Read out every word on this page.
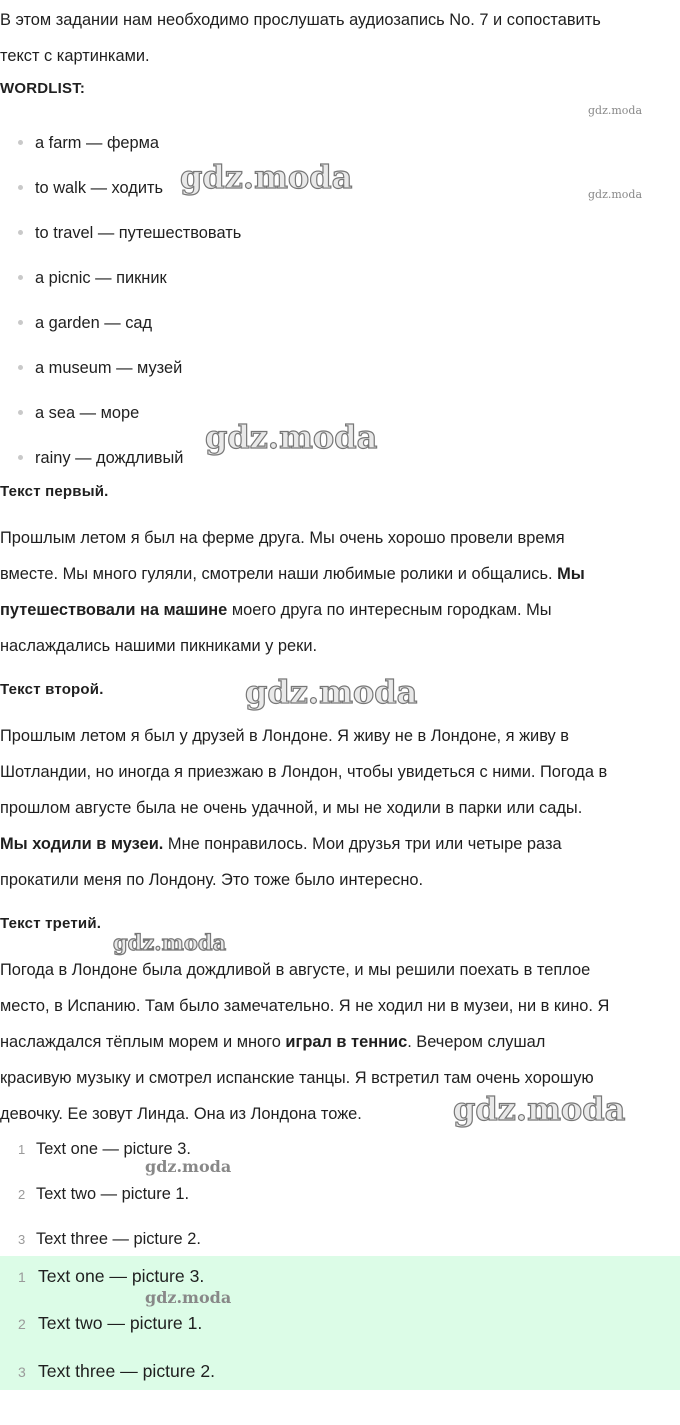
В этом задании нам необходимо прослушать аудиозапись No. 7 и сопоставить
текст с картинками.
WORDLIST:
a farm — ферма
to walk — ходить
to travel — путешествовать
a picnic — пикник
a garden — сад
a museum — музей
a sea — море
rainy — дождливый
Текст первый.
Прошлым летом я был на ферме друга. Мы очень хорошо провели время
вместе. Мы много гуляли, смотрели наши любимые ролики и общались. Мы
путешествовали на машине моего друга по интересным городкам. Мы
наслаждались нашими пикниками у реки.
Текст второй.
Прошлым летом я был у друзей в Лондоне. Я живу не в Лондоне, я живу в
Шотландии, но иногда я приезжаю в Лондон, чтобы увидеться с ними. Погода в
прошлом августе была не очень удачной, и мы не ходили в парки или сады.
Мы ходили в музеи. Мне понравилось. Мои друзья три или четыре раза
прокатили меня по Лондону. Это тоже было интересно.
Текст третий.
Погода в Лондоне была дождливой в августе, и мы решили поехать в теплое
место, в Испанию. Там было замечательно. Я не ходил ни в музеи, ни в кино. Я
наслаждался тёплым морем и много играл в теннис. Вечером слушал
красивую музыку и смотрел испанские танцы. Я встретил там очень хорошую
девочку. Ее зовут Линда. Она из Лондона тоже.
1 Text one — picture 3.
2 Text two — picture 1.
3 Text three — picture 2.
1 Text one — picture 3.
2 Text two — picture 1.
3 Text three — picture 2.
gdz.moda
gdz.moda	gdz.moda
gdz.moda
gdz.moda
gdz.moda
gdz.moda
gdz.moda
gdz.moda
